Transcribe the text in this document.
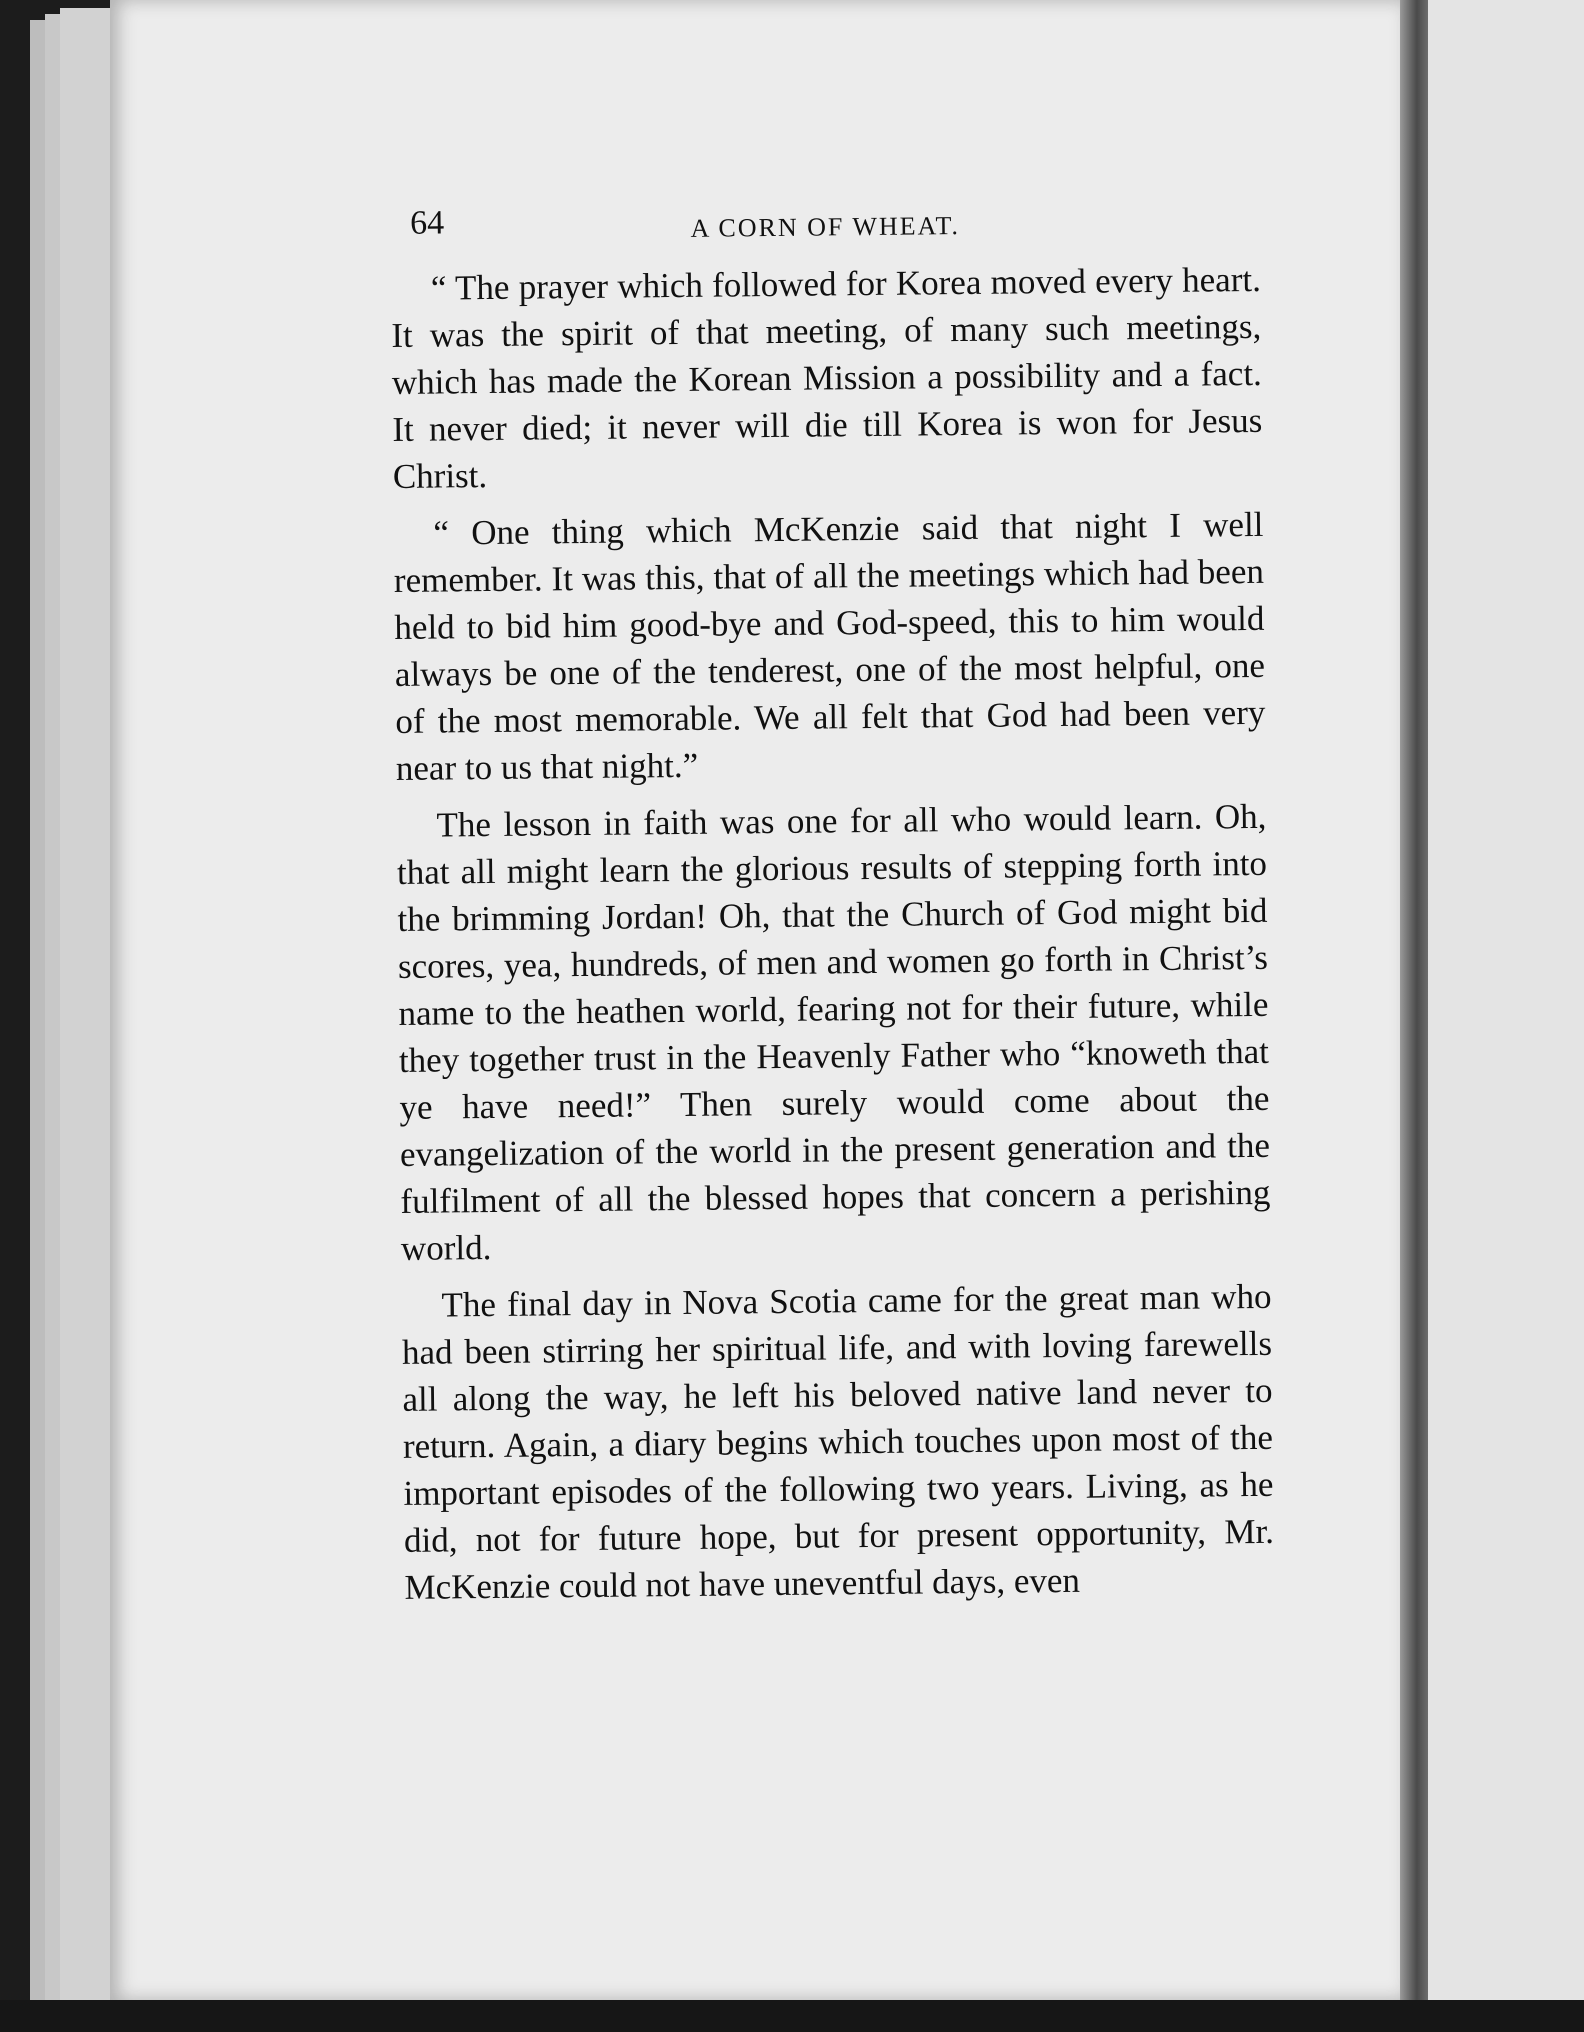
64	A CORN OF WHEAT.

“ The prayer which followed for Korea moved every heart. It was the spirit of that meeting, of many such meetings, which has made the Korean Mission a possibility and a fact. It never died; it never will die till Korea is won for Jesus Christ.

“ One thing which McKenzie said that night I well remember. It was this, that of all the meetings which had been held to bid him good-bye and God-speed, this to him would always be one of the tenderest, one of the most helpful, one of the most memorable. We all felt that God had been very near to us that night.”

The lesson in faith was one for all who would learn. Oh, that all might learn the glorious results of stepping forth into the brimming Jordan! Oh, that the Church of God might bid scores, yea, hundreds, of men and women go forth in Christ’s name to the heathen world, fearing not for their future, while they together trust in the Heavenly Father who “knoweth that ye have need!” Then surely would come about the evangelization of the world in the present generation and the fulfilment of all the blessed hopes that concern a perishing world.

The final day in Nova Scotia came for the great man who had been stirring her spiritual life, and with loving farewells all along the way, he left his beloved native land never to return. Again, a diary begins which touches upon most of the important episodes of the following two years. Living, as he did, not for future hope, but for present opportunity, Mr. McKenzie could not have uneventful days, even
